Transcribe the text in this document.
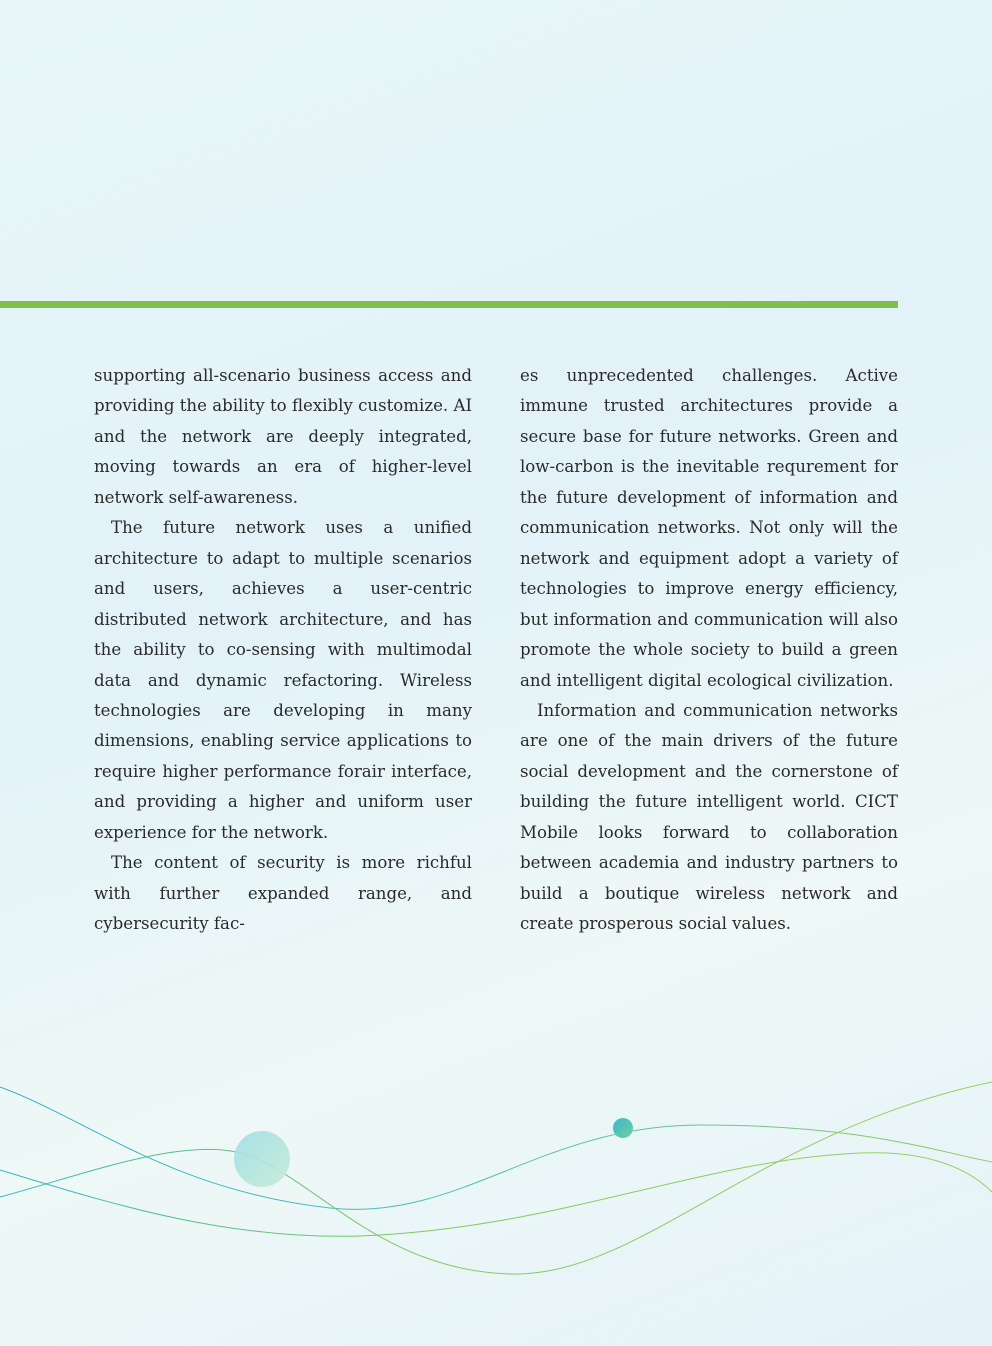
supporting all-scenario business access and providing the ability to flexibly customize. AI and the network are deeply integrated, moving towards an era of higher-level network self-awareness.

The future network uses a unified architecture to adapt to multiple scenarios and users, achieves a user-centric distributed network architecture, and has the ability to co-sensing with multimodal data and dynamic refactoring. Wireless technologies are developing in many dimensions, enabling service applications to require higher performance forair interface, and providing a higher and uniform user experience for the network.

The content of security is more richful with further expanded range, and cybersecurity fac-

es unprecedented challenges. Active immune trusted architectures provide a secure base for future networks. Green and low-carbon is the inevitable requrement for the future development of information and communication networks. Not only will the network and equipment adopt a variety of technologies to improve energy efficiency, but information and communication will also promote the whole society to build a green and intelligent digital ecological civilization.

Information and communication networks are one of the main drivers of the future social development and the cornerstone of building the future intelligent world. CICT Mobile looks forward to collaboration between academia and industry partners to build a boutique wireless network and create prosperous social values.
